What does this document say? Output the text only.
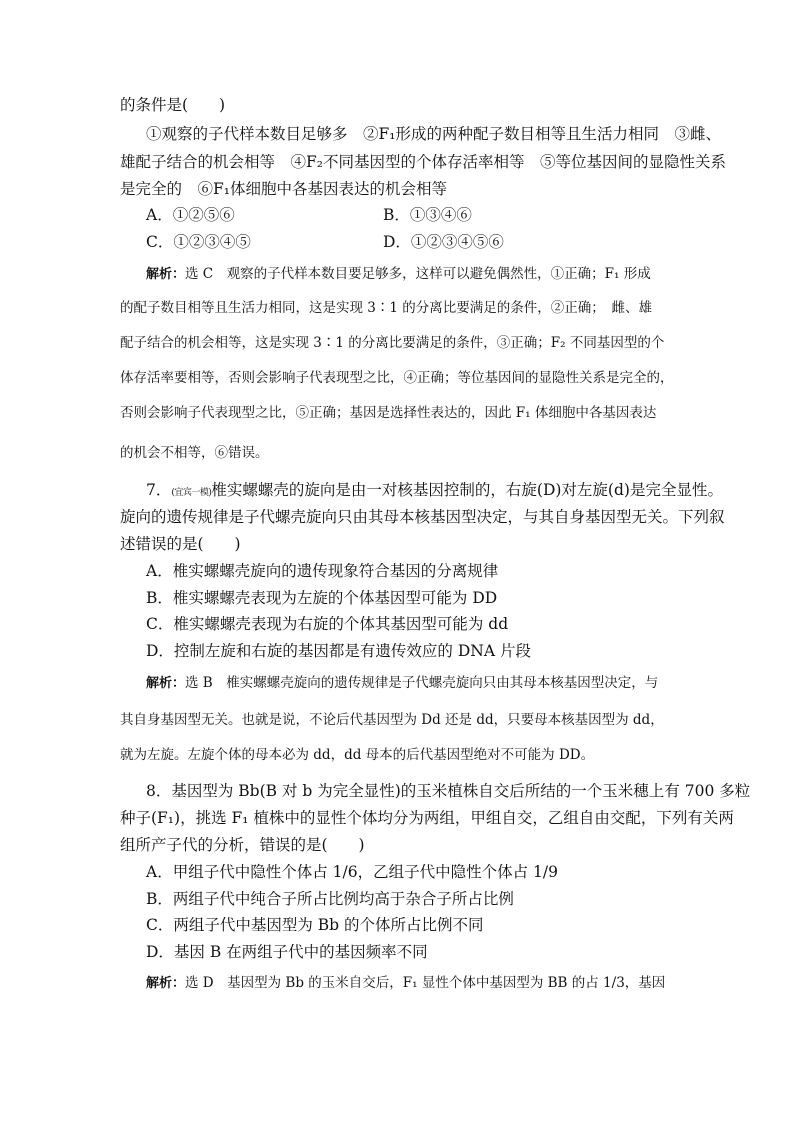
的条件是(　　)
①观察的子代样本数目足够多　②F₁形成的两种配子数目相等且生活力相同　③雌、
雄配子结合的机会相等　④F₂不同基因型的个体存活率相等　⑤等位基因间的显隐性关系
是完全的　⑥F₁体细胞中各基因表达的机会相等
A．①②⑤⑥	B．①③④⑥
C．①②③④⑤	D．①②③④⑤⑥
解析：选 C　观察的子代样本数目要足够多，这样可以避免偶然性，①正确；F₁ 形成
的配子数目相等且生活力相同，这是实现 3∶1 的分离比要满足的条件，②正确；　雌、雄
配子结合的机会相等，这是实现 3∶1 的分离比要满足的条件，③正确；F₂ 不同基因型的个
体存活率要相等，否则会影响子代表现型之比，④正确；等位基因间的显隐性关系是完全的，
否则会影响子代表现型之比，⑤正确；基因是选择性表达的，因此 F₁ 体细胞中各基因表达
的机会不相等，⑥错误。
7．(宜宾一模)椎实螺螺壳的旋向是由一对核基因控制的，右旋(D)对左旋(d)是完全显性。
旋向的遗传规律是子代螺壳旋向只由其母本核基因型决定，与其自身基因型无关。下列叙
述错误的是(　　)
A．椎实螺螺壳旋向的遗传现象符合基因的分离规律
B．椎实螺螺壳表现为左旋的个体基因型可能为 DD
C．椎实螺螺壳表现为右旋的个体其基因型可能为 dd
D．控制左旋和右旋的基因都是有遗传效应的 DNA 片段
解析：选 B　椎实螺螺壳旋向的遗传规律是子代螺壳旋向只由其母本核基因型决定，与
其自身基因型无关。也就是说，不论后代基因型为 Dd 还是 dd，只要母本核基因型为 dd，
就为左旋。左旋个体的母本必为 dd，dd 母本的后代基因型绝对不可能为 DD。
8．基因型为 Bb(B 对 b 为完全显性)的玉米植株自交后所结的一个玉米穗上有 700 多粒
种子(F₁)，挑选 F₁ 植株中的显性个体均分为两组，甲组自交，乙组自由交配，下列有关两
组所产子代的分析，错误的是(　　)
A．甲组子代中隐性个体占 1/6，乙组子代中隐性个体占 1/9
B．两组子代中纯合子所占比例均高于杂合子所占比例
C．两组子代中基因型为 Bb 的个体所占比例不同
D．基因 B 在两组子代中的基因频率不同
解析：选 D　基因型为 Bb 的玉米自交后，F₁ 显性个体中基因型为 BB 的占 1/3，基因
